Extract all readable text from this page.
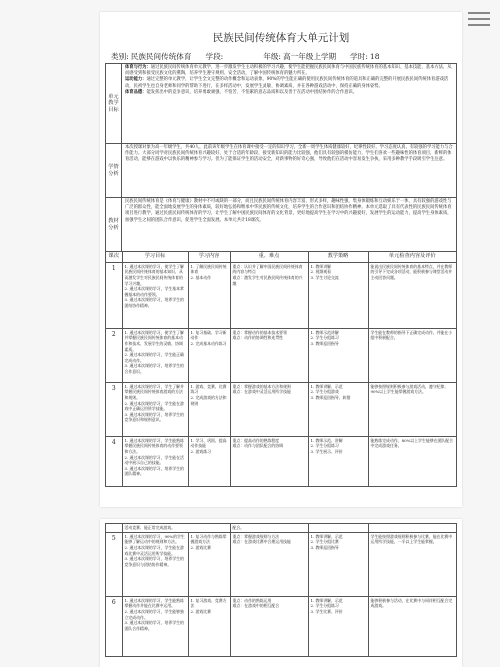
民族民间传统体育大单元计划
类别: 民族民间传统体育 学段:	年级: 高一年级上学期 学时: 18
单元教学目标

体育与行为：通过民族民间传统体育单元教学，进一步激发学生主动积极的学习兴趣，使学生能把握民族民间体育与中国民族传统体育的基本知识、基本技能、基本方法，从而感受到和接受民族文化的熏陶，培养学生遵守规则、安全活动，了解中国传统体育的魅力所在。

运动能力：通过完整的单元教学，让学生全文完整的动作概念和运动表象，90%的学生能正确的使用民族民间传统体育的道具和正确的完整的开展民族民间传统体育游戏活动，民初学生也自身老师和同学的帮助下进行，在多样活动中，发展学生灵敏、协调素质，并在各种游戏活动中，保持正确的身体姿势。

体育品德：能发挥出中的竞争意识，培养勇敢顽强、不怕苦、不怕累的意志品质和以及善于在活动中团结协作的合作意识。

学情分析
本次授课对象为高一年级学生，共40人，此前该年级学生在体育课中接受一定的知识学习，全新一周学生体质健康较好，纪律性较好，学习态度认真，有较强的学习能力与合作能力。大部分同学对民族民间传统体育兴趣较好，处于合适的年龄段，接受新知识的能力比较强，他们具有较强的模仿能力，学生们喜欢一些趣味性的体育项目，新鲜的体育活动，能够在游戏中以快乐的精神参与学习。但为了能保证学生的活动安全，对新事物的好奇心强，导致他们在活动中容易发生争执，采用多种教学手段吸引学生注意。
教材分析
民族民间传统体育是《体育与健康》教材中不可或缺的一部分，而且民族民间传统体育内容丰富、形式多样，趣味性强，集身体锻炼和互动娱乐于一体，具有较强的游戏性与广泛的群众性，能全面地发展学生的身体素质，较好地弘扬和继承中华民族的传统文化，培养学生的合作意识和团结协作精神。本单元选取了具有代表性的民族民间传统体育项目进行教学，通过民族民间传统体育的学习，让学生了解中国民族民间体育的文化背景，更好地提高学生在学习中的兴趣爱好，发展学生的运动能力，提高学生身体素质，加强学生之间的团队合作意识，促进学生全面发展。本单元共计18课次。
课次	学习目标	学习内容	重、难点	教学策略	单元检查内容及评价
1	1. 通过本次课的学习，使学生了解民族民间传统体育的基本知识，从而激发学生对民族民间传统体育的学习兴趣。
2. 通过本次课的学习，学生基本掌握基本的动作要领。
3. 通过本次课的学习，培养学生的团结协作精神。	1. 了解民族民间传统体育
2. 基本动作	重点：认识并了解中国民族民间传统体育的内容与特点
难点：激发学生对民族民间传统体育的兴趣	1. 教师讲解
2. 视频观看
3. 学生讨论交流	能说出民族民间传统体育的基本特点，并在教师的引导下完成各项活动，能积极参与课堂活动并主动回答问题。
2	1. 通过本次课的学习，使学生了解并掌握民族民间传统体育的基本动作和技术，发展学生的灵敏、协调素质。
2. 通过本次课的学习，学生能正确完成动作。
3. 通过本次课的学习，培养学生的合作意识。	1. 复习基础、学习新动作
2. 完成基本动作练习	重点：掌握动作的基本技术要领
难点：动作的协调性和连贯性	1. 教师示范讲解
2. 学生分组练习
3. 教师巡回指导	学生能在教师的指导下正确完成动作，并能在小组中积极配合。
3	1. 通过本次课的学习，学生了解并掌握民族民间传统体育游戏的方法和规则。
2. 通过本次课的学习，学生能在游戏中正确运用所学技能。
3. 通过本次课的学习，培养学生的竞争意识和规则意识。	1. 游戏、竞赛、比赛练习
2. 完成游戏的方法和规则	重点：掌握游戏的基本方法和规则
难点：在游戏中灵活运用所学技能	1. 教师讲解、示范
2. 学生分组游戏
3. 教师巡回指导、纠错	能够按照规则积极参与游戏活动，遵守纪律，90%以上学生能掌握游戏方法。
4	1. 通过本次课的学习，学生能熟练掌握民族民间传统体育的动作要领和方法。
2. 通过本次课的学习，学生能在活动中展示自己的技能。
3. 通过本次课的学习，培养学生的团队精神。	1. 学习、巩固、提高动作技能
2. 游戏练习	重点：提高动作的熟练程度
难点：动作与团队配合的协调	1. 教师示范、讲解
2. 学生分组练习
3. 学生展示、评价	能熟练完成动作，80%以上学生能够在团队配合中完成游戏任务。
	活动竞赛、能正常完成游戏。		配合。		
5	1. 通过本次课的学习，90%的学生能够了解运动中的规则和方法。
2. 通过本次课的学习，学生能在游戏比赛中灵活运用所学技能。
3. 通过本次课的学习，培养学生的竞争意识与团结协作精神。	1. 复习动作与熟练掌握游戏方法
2. 游戏比赛	重点：掌握游戏规则与方法
难点：在游戏比赛中合理运用技能	1. 教师讲解、示范
2. 学生分组比赛
3. 教师巡回指导	学生能按照游戏规则积极参与比赛，能在比赛中运用所学技能，一半以上学生能掌握。
6	1. 通过本次课的学习，学生能熟练掌握动作并能在比赛中运用。
2. 通过本次课的学习，学生能够独立完成动作。
3. 通过本次课的学习，培养学生的团队合作精神。	1. 复习游戏、竞赛方法
2. 游戏比赛	重点：动作的熟练运用
难点：在游戏中的相互配合	1. 教师讲解、示范
2. 学生分组练习
3. 学生比赛、评价	能够积极参与活动，在比赛中与同伴相互配合完成游戏。
